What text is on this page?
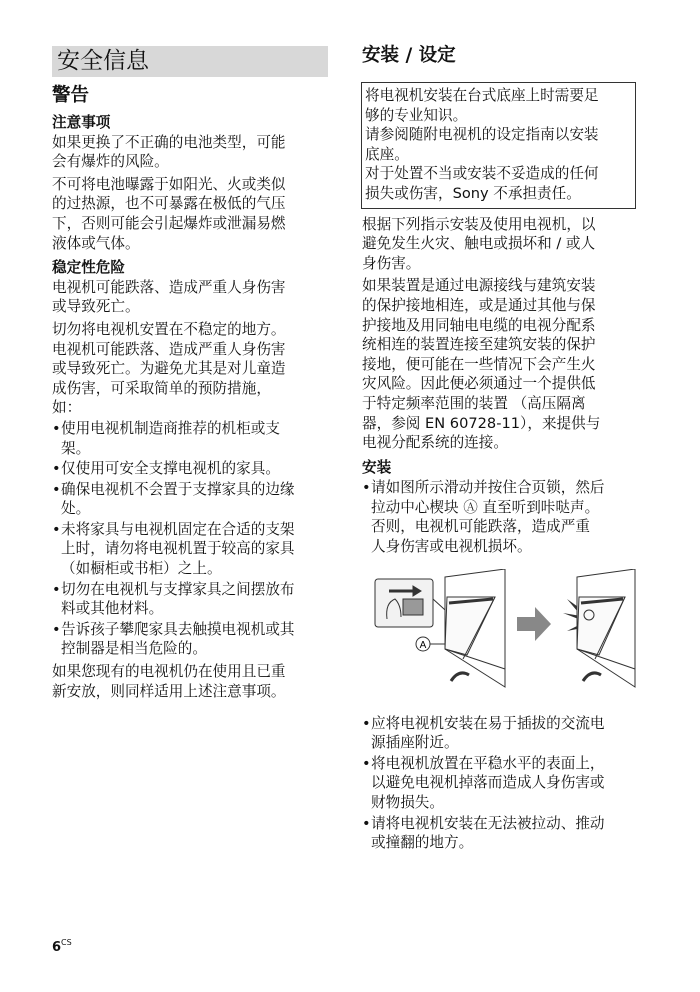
安全信息
警告
注意事项
如果更换了不正确的电池类型，可能
会有爆炸的风险。
不可将电池曝露于如阳光、火或类似
的过热源，也不可暴露在极低的气压
下，否则可能会引起爆炸或泄漏易燃
液体或气体。
稳定性危险
电视机可能跌落、造成严重人身伤害
或导致死亡。
切勿将电视机安置在不稳定的地方。
电视机可能跌落、造成严重人身伤害
或导致死亡。为避免尤其是对儿童造
成伤害，可采取简单的预防措施，
如：
• 使用电视机制造商推荐的机柜或支
架。
• 仅使用可安全支撑电视机的家具。
• 确保电视机不会置于支撑家具的边缘
处。
• 未将家具与电视机固定在合适的支架
上时，请勿将电视机置于较高的家具
（如橱柜或书柜）之上。
• 切勿在电视机与支撑家具之间摆放布
料或其他材料。
• 告诉孩子攀爬家具去触摸电视机或其
控制器是相当危险的。
如果您现有的电视机仍在使用且已重
新安放，则同样适用上述注意事项。
安装 / 设定
将电视机安装在台式底座上时需要足
够的专业知识。
请参阅随附电视机的设定指南以安装
底座。
对于处置不当或安装不妥造成的任何
损失或伤害，Sony 不承担责任。
根据下列指示安装及使用电视机，以
避免发生火灾、触电或损坏和 / 或人
身伤害。
如果装置是通过电源接线与建筑安装
的保护接地相连，或是通过其他与保
护接地及用同轴电电缆的电视分配系
统相连的装置连接至建筑安装的保护
接地，便可能在一些情况下会产生火
灾风险。因此便必须通过一个提供低
于特定频率范围的装置 （高压隔离
器，参阅 EN 60728-11），来提供与
电视分配系统的连接。
安装
• 请如图所示滑动并按住合页锁，然后
拉动中心楔块 Ⓐ 直至听到咔哒声。
否则，电视机可能跌落，造成严重
人身伤害或电视机损坏。
A
• 应将电视机安装在易于插拔的交流电
源插座附近。
• 将电视机放置在平稳水平的表面上，
以避免电视机掉落而造成人身伤害或
财物损失。
• 请将电视机安装在无法被拉动、推动
或撞翻的地方。
$6^{CS}$
